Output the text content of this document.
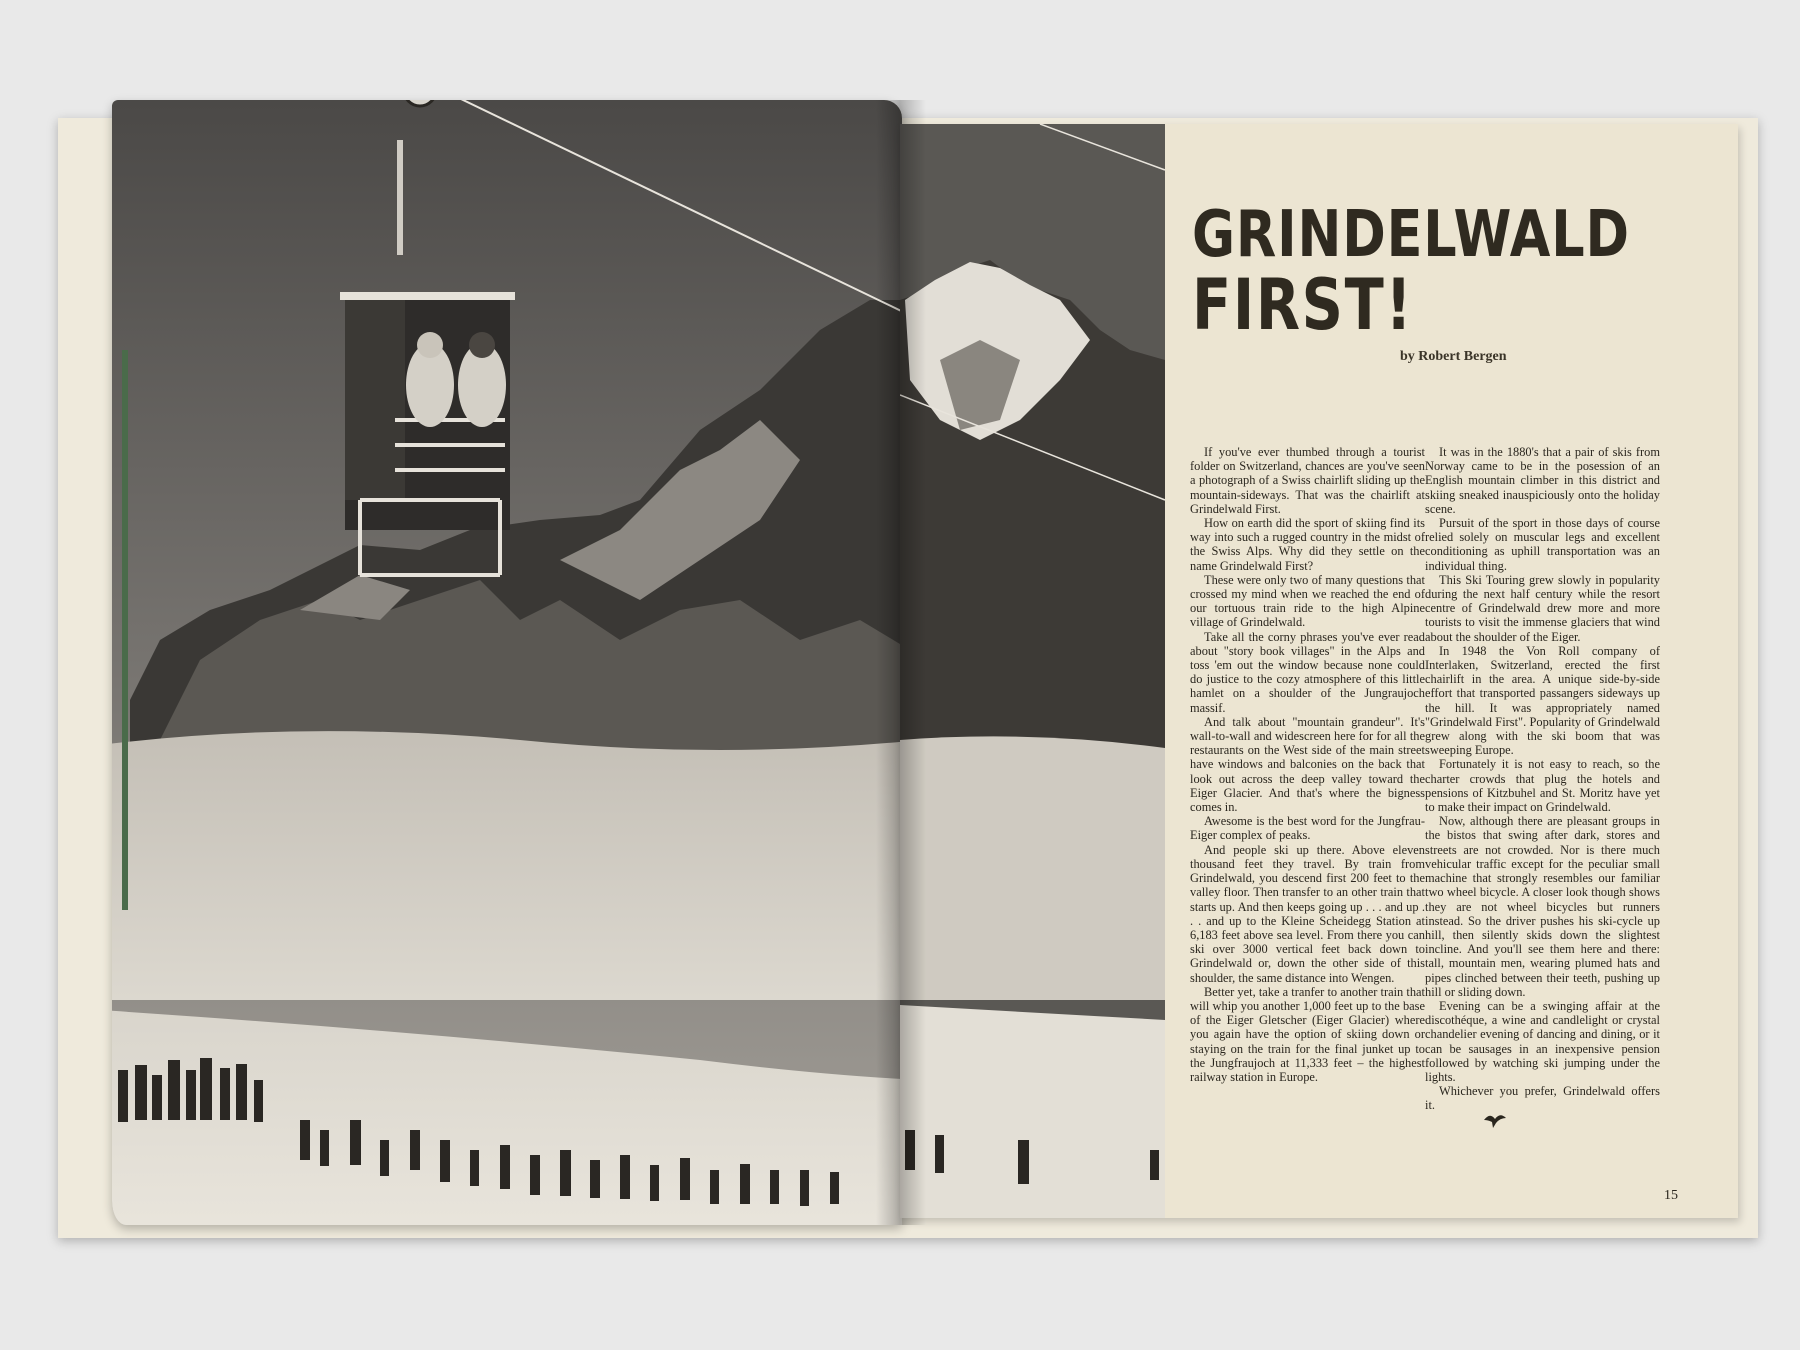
GRINDELWALD
FIRST!
by Robert Bergen

If you've ever thumbed through a tourist folder on Switzerland, chances are you've seen a photograph of a Swiss chairlift sliding up the mountain-sideways. That was the chairlift at Grindelwald First.

How on earth did the sport of skiing find its way into such a rugged country in the midst of the Swiss Alps. Why did they settle on the name Grindelwald First?

These were only two of many questions that crossed my mind when we reached the end of our tortuous train ride to the high Alpine village of Grindelwald.

Take all the corny phrases you've ever read about "story book villages" in the Alps and toss 'em out the window because none could do justice to the cozy atmosphere of this little hamlet on a shoulder of the Jungraujoch massif.

And talk about "mountain grandeur". It's wall-to-wall and widescreen here for for all the restaurants on the West side of the main street have windows and balconies on the back that look out across the deep valley toward the Eiger Glacier. And that's where the bigness comes in.

Awesome is the best word for the Jungfrau-Eiger complex of peaks.

And people ski up there. Above eleven thousand feet they travel. By train from Grindelwald, you descend first 200 feet to the valley floor. Then transfer to an other train that starts up. And then keeps going up . . . and up . . . and up to the Kleine Scheidegg Station at 6,183 feet above sea level. From there you can ski over 3000 vertical feet back down to Grindelwald or, down the other side of this shoulder, the same distance into Wengen.

Better yet, take a tranfer to another train that will whip you another 1,000 feet up to the base of the Eiger Gletscher (Eiger Glacier) where you again have the option of skiing down or staying on the train for the final junket up to the Jungfraujoch at 11,333 feet – the highest railway station in Europe.

It was in the 1880's that a pair of skis from Norway came to be in the posession of an English mountain climber in this district and skiing sneaked inauspiciously onto the holiday scene.

Pursuit of the sport in those days of course relied solely on muscular legs and excellent conditioning as uphill transportation was an individual thing.

This Ski Touring grew slowly in popularity during the next half century while the resort centre of Grindelwald drew more and more tourists to visit the immense glaciers that wind about the shoulder of the Eiger.

In 1948 the Von Roll company of Interlaken, Switzerland, erected the first chairlift in the area. A unique side-by-side effort that transported passangers sideways up the hill. It was appropriately named "Grindelwald First". Popularity of Grindelwald grew along with the ski boom that was sweeping Europe.

Fortunately it is not easy to reach, so the charter crowds that plug the hotels and pensions of Kitzbuhel and St. Moritz have yet to make their impact on Grindelwald.

Now, although there are pleasant groups in the bistos that swing after dark, stores and streets are not crowded. Nor is there much vehicular traffic except for the peculiar small machine that strongly resembles our familiar two wheel bicycle. A closer look though shows they are not wheel bicycles but runners instead. So the driver pushes his ski-cycle up hill, then silently skids down the slightest incline. And you'll see them here and there: tall, mountain men, wearing plumed hats and pipes clinched between their teeth, pushing up hill or sliding down.

Evening can be a swinging affair at the discothéque, a wine and candlelight or crystal chandelier evening of dancing and dining, or it can be sausages in an inexpensive pension followed by watching ski jumping under the lights.

Whichever you prefer, Grindelwald offers it.

15
